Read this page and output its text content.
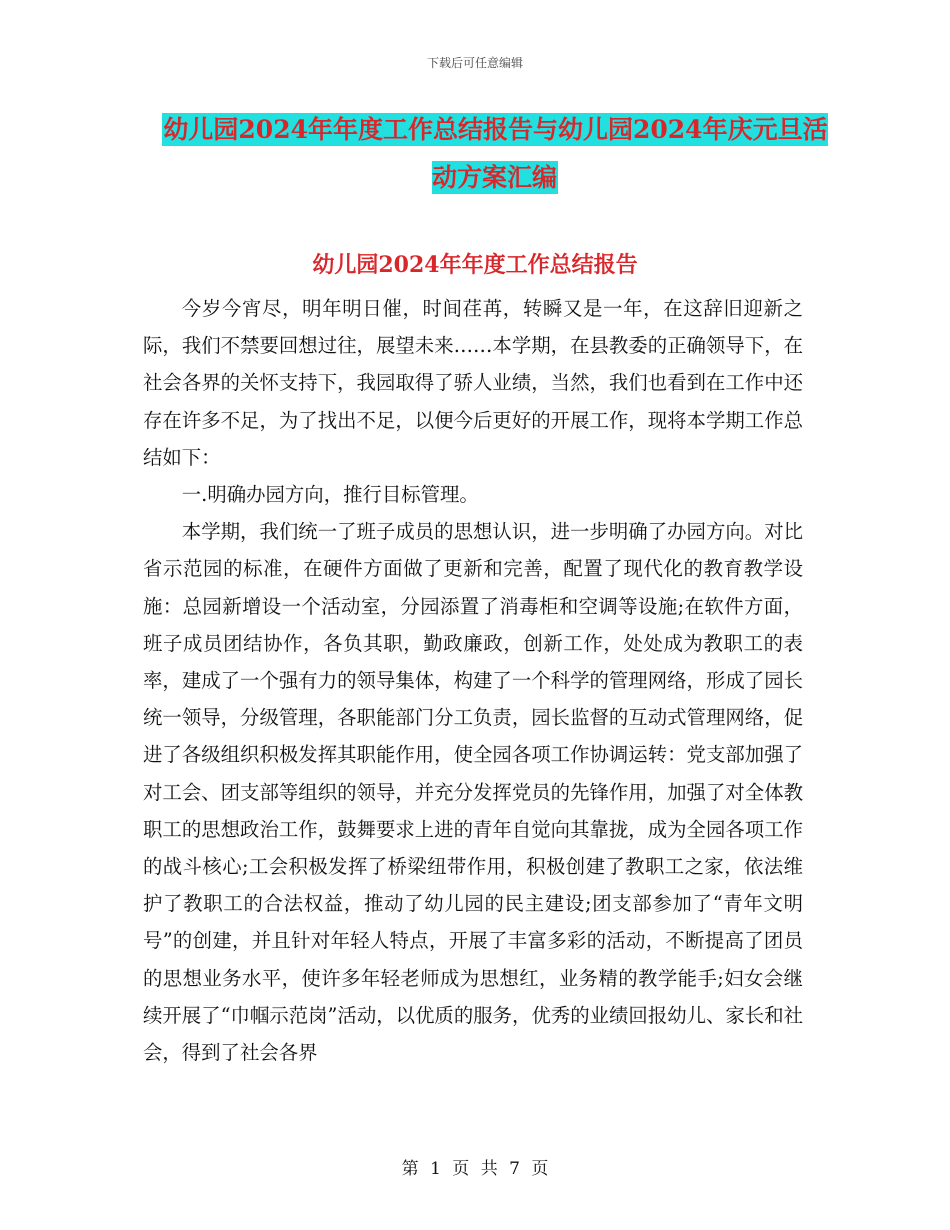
下载后可任意编辑
幼儿园2024年年度工作总结报告与幼儿园2024年庆元旦活动方案汇编
幼儿园2024年年度工作总结报告

今岁今宵尽，明年明日催，时间荏苒，转瞬又是一年，在这辞旧迎新之际，我们不禁要回想过往，展望未来……本学期，在县教委的正确领导下，在社会各界的关怀支持下，我园取得了骄人业绩，当然，我们也看到在工作中还存在许多不足，为了找出不足，以便今后更好的开展工作，现将本学期工作总结如下：

一.明确办园方向，推行目标管理。

本学期，我们统一了班子成员的思想认识，进一步明确了办园方向。对比省示范园的标准，在硬件方面做了更新和完善，配置了现代化的教育教学设施：总园新增设一个活动室，分园添置了消毒柜和空调等设施;在软件方面，班子成员团结协作，各负其职，勤政廉政，创新工作，处处成为教职工的表率，建成了一个强有力的领导集体，构建了一个科学的管理网络，形成了园长统一领导，分级管理，各职能部门分工负责，园长监督的互动式管理网络，促进了各级组织积极发挥其职能作用，使全园各项工作协调运转：党支部加强了对工会、团支部等组织的领导，并充分发挥党员的先锋作用，加强了对全体教职工的思想政治工作，鼓舞要求上进的青年自觉向其靠拢，成为全园各项工作的战斗核心;工会积极发挥了桥梁纽带作用，积极创建了教职工之家，依法维护了教职工的合法权益，推动了幼儿园的民主建设;团支部参加了“青年文明号”的创建，并且针对年轻人特点，开展了丰富多彩的活动，不断提高了团员的思想业务水平，使许多年轻老师成为思想红，业务精的教学能手;妇女会继续开展了“巾帼示范岗”活动，以优质的服务，优秀的业绩回报幼儿、家长和社会，得到了社会各界

第 1 页 共 7 页
